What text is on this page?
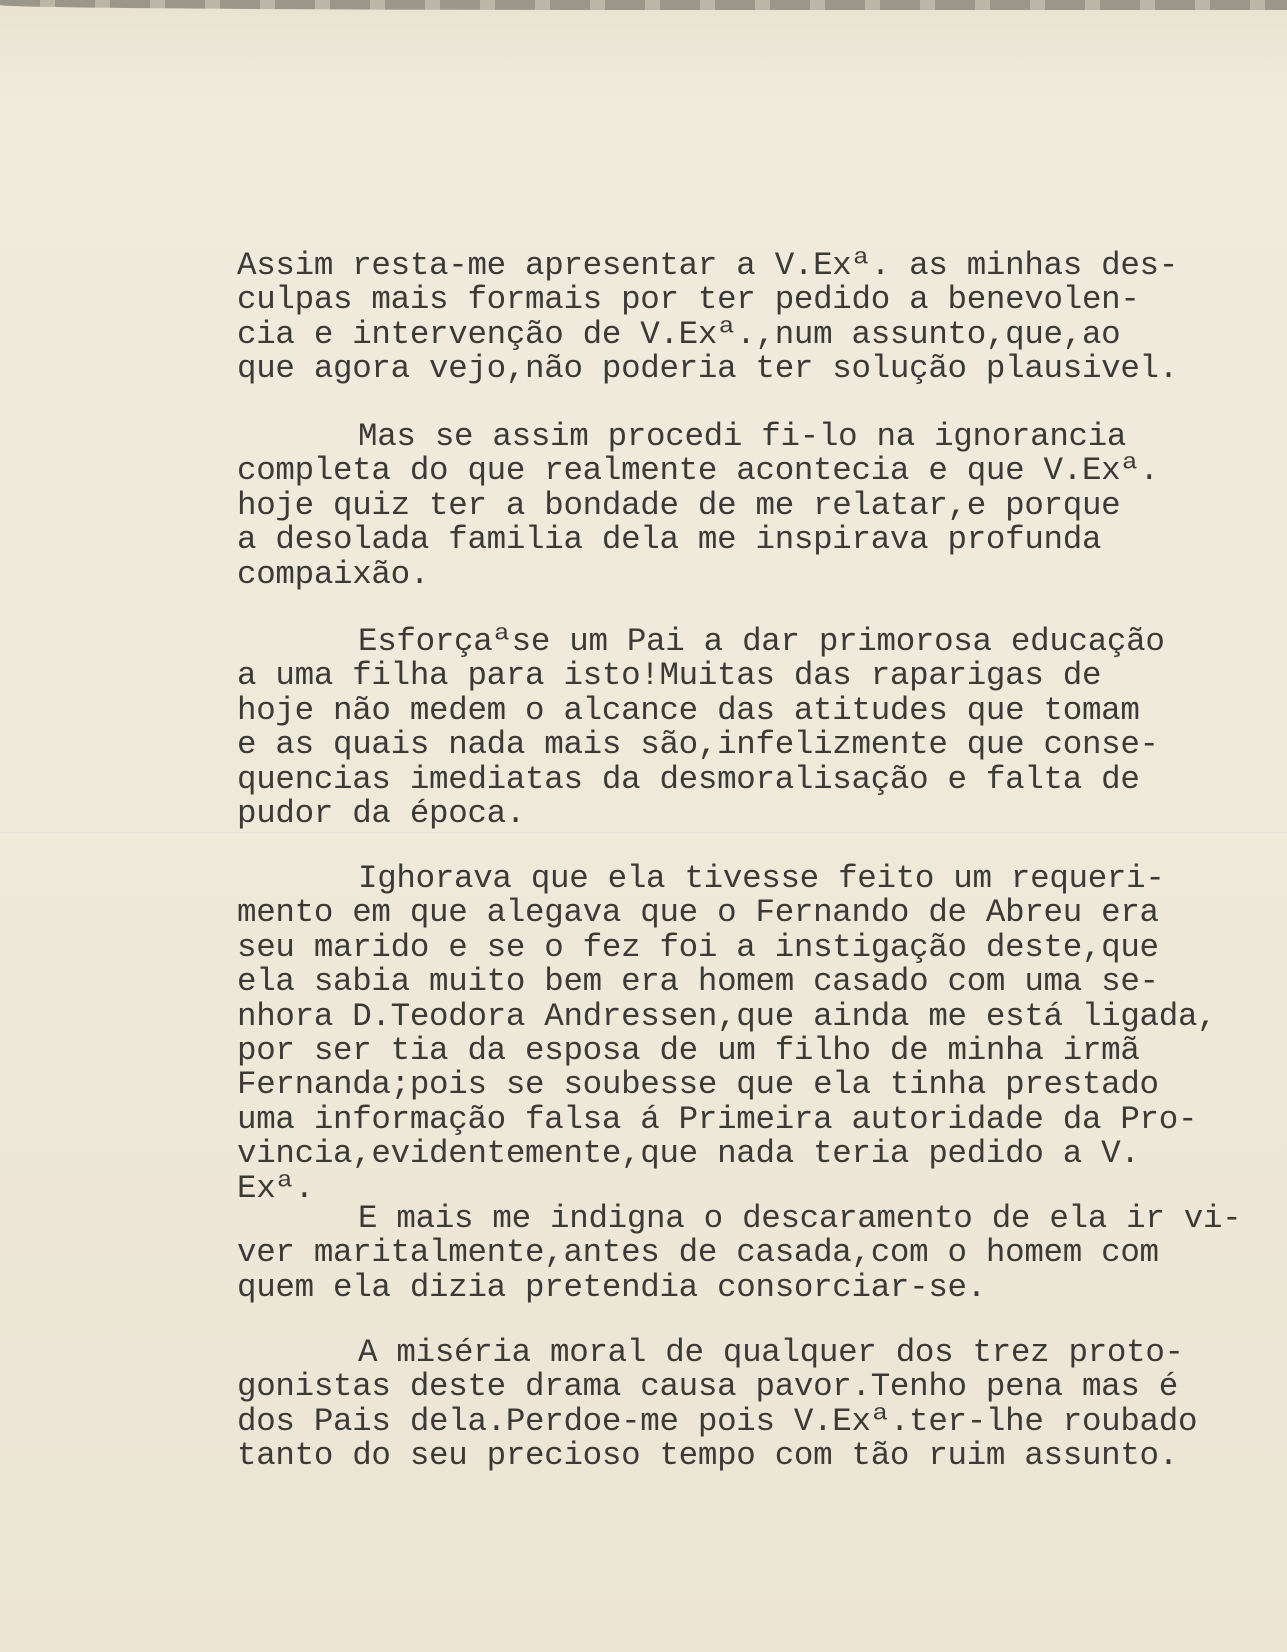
Assim resta-me apresentar a V.Exª. as minhas des-
culpas mais formais por ter pedido a benevolen-
cia e intervenção de V.Exª.,num assunto,que,ao
que agora vejo,não poderia ter solução plausivel.
Mas se assim procedi fi-lo na ignorancia
completa do que realmente acontecia e que V.Exª.
hoje quiz ter a bondade de me relatar,e porque
a desolada familia dela me inspirava profunda
compaixão.
Esforçaªse um Pai a dar primorosa educação
a uma filha para isto!Muitas das raparigas de
hoje não medem o alcance das atitudes que tomam
e as quais nada mais são,infelizmente que conse-
quencias imediatas da desmoralisação e falta de
pudor da época.
Ighorava que ela tivesse feito um requeri-
mento em que alegava que o Fernando de Abreu era
seu marido e se o fez foi a instigação deste,que
ela sabia muito bem era homem casado com uma se-
nhora D.Teodora Andressen,que ainda me está ligada,
por ser tia da esposa de um filho de minha irmã
Fernanda;pois se soubesse que ela tinha prestado
uma informação falsa á Primeira autoridade da Pro-
vincia,evidentemente,que nada teria pedido a V.
Exª.
E mais me indigna o descaramento de ela ir vi-
ver maritalmente,antes de casada,com o homem com
quem ela dizia pretendia consorciar-se.
A miséria moral de qualquer dos trez proto-
gonistas deste drama causa pavor.Tenho pena mas é
dos Pais dela.Perdoe-me pois V.Exª.ter-lhe roubado
tanto do seu precioso tempo com tão ruim assunto.
